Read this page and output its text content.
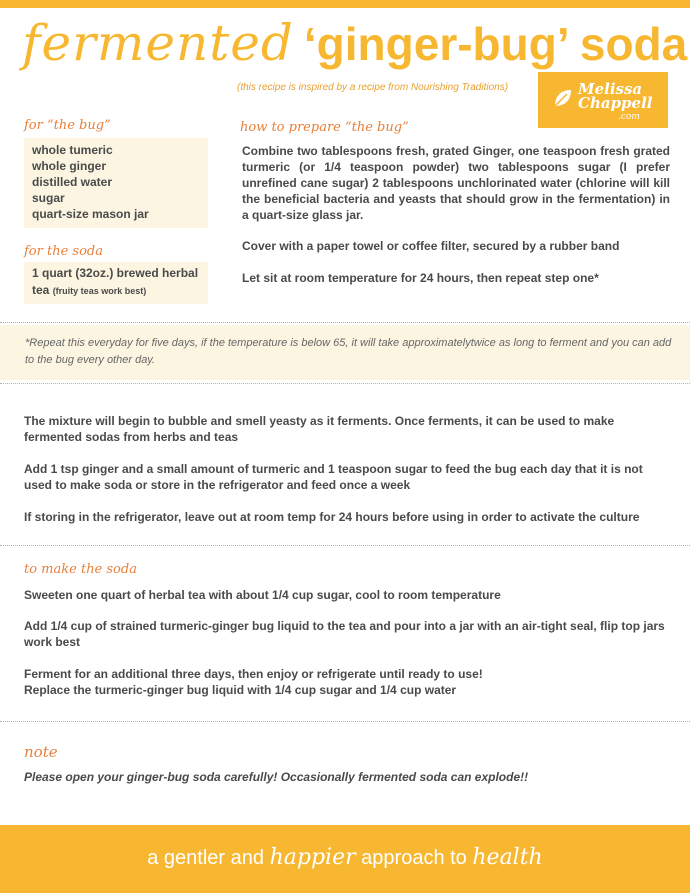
fermented ‘ginger-bug’ soda
(this recipe is inspired by a recipe from Nourishing Traditions)	Melissa
Chappell
.com
for “the bug”
whole tumeric
whole ginger
distilled water
sugar
quart-size mason jar
for the soda
1 quart (32oz.) brewed herbal
tea (fruity teas work best)
how to prepare “the bug”

Combine two tablespoons fresh, grated Ginger, one teaspoon fresh grated turmeric (or 1/4 teaspoon powder) two tablespoons sugar (I prefer unrefined cane sugar) 2 tablespoons unchlorinated water (chlorine will kill the beneficial bacteria and yeasts that should grow in the fermentation) in a quart-size glass jar.

Cover with a paper towel or coffee filter, secured by a rubber band
Let sit at room temperature for 24 hours, then repeat step one*

*Repeat this everyday for five days, if the temperature is below 65, it will take approximatelytwice as long to ferment and you can add to the bug every other day.

The mixture will begin to bubble and smell yeasty as it ferments. Once ferments, it can be used to make fermented sodas from herbs and teas
Add 1 tsp ginger and a small amount of turmeric and 1 teaspoon sugar to feed the bug each day that it is not used to make soda or store in the refrigerator and feed once a week
If storing in the refrigerator, leave out at room temp for 24 hours before using in order to activate the culture
to make the soda
Sweeten one quart of herbal tea with about 1/4 cup sugar, cool to room temperature
Add 1/4 cup of strained turmeric-ginger bug liquid to the tea and pour into a jar with an air-tight seal, flip top jars work best
Ferment for an additional three days, then enjoy or refrigerate until ready to use!
Replace the turmeric-ginger bug liquid with 1/4 cup sugar and 1/4 cup water
note
Please open your ginger-bug soda carefully! Occasionally fermented soda can explode!!
a gentler and happier approach to health
